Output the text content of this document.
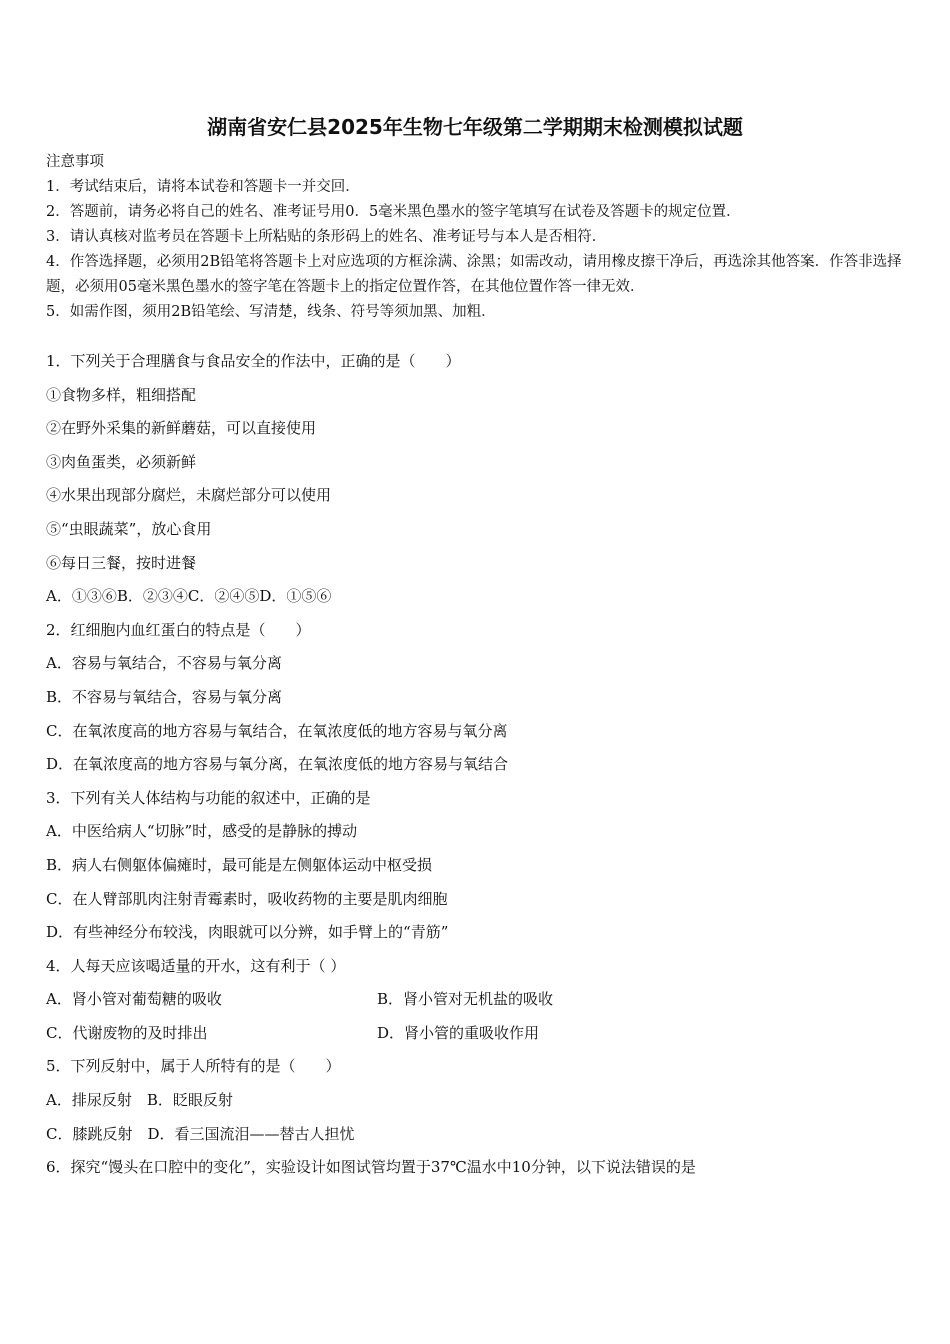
湖南省安仁县2025年生物七年级第二学期期末检测模拟试题
注意事项
1．考试结束后，请将本试卷和答题卡一并交回．
2．答题前，请务必将自己的姓名、准考证号用0．5毫米黑色墨水的签字笔填写在试卷及答题卡的规定位置．
3．请认真核对监考员在答题卡上所粘贴的条形码上的姓名、准考证号与本人是否相符．
4．作答选择题，必须用2B铅笔将答题卡上对应选项的方框涂满、涂黑；如需改动，请用橡皮擦干净后，再选涂其他答案．作答非选择题，必须用05毫米黑色墨水的签字笔在答题卡上的指定位置作答，在其他位置作答一律无效．
5．如需作图，须用2B铅笔绘、写清楚，线条、符号等须加黑、加粗．
1．下列关于合理膳食与食品安全的作法中，正确的是（　　）
①食物多样，粗细搭配
②在野外采集的新鲜蘑菇，可以直接使用
③肉鱼蛋类，必须新鲜
④水果出现部分腐烂，未腐烂部分可以使用
⑤“虫眼蔬菜”，放心食用
⑥每日三餐，按时进餐
A．①③⑥B．②③④C．②④⑤D．①⑤⑥
2．红细胞内血红蛋白的特点是（　　）
A．容易与氧结合，不容易与氧分离
B．不容易与氧结合，容易与氧分离
C．在氧浓度高的地方容易与氧结合，在氧浓度低的地方容易与氧分离
D．在氧浓度高的地方容易与氧分离，在氧浓度低的地方容易与氧结合
3．下列有关人体结构与功能的叙述中，正确的是
A．中医给病人“切脉”时，感受的是静脉的搏动
B．病人右侧躯体偏瘫时，最可能是左侧躯体运动中枢受损
C．在人臂部肌肉注射青霉素时，吸收药物的主要是肌肉细胞
D．有些神经分布较浅，肉眼就可以分辨，如手臂上的“青筋”
4．人每天应该喝适量的开水，这有利于（ ）
A．肾小管对葡萄糖的吸收	B．肾小管对无机盐的吸收
C．代谢废物的及时排出	D．肾小管的重吸收作用
5．下列反射中，属于人所特有的是（　　）
A．排尿反射　B．眨眼反射
C．膝跳反射　D．看三国流泪——替古人担忧
6．探究“馒头在口腔中的变化”，实验设计如图试管均置于37℃温水中10分钟，以下说法错误的是
